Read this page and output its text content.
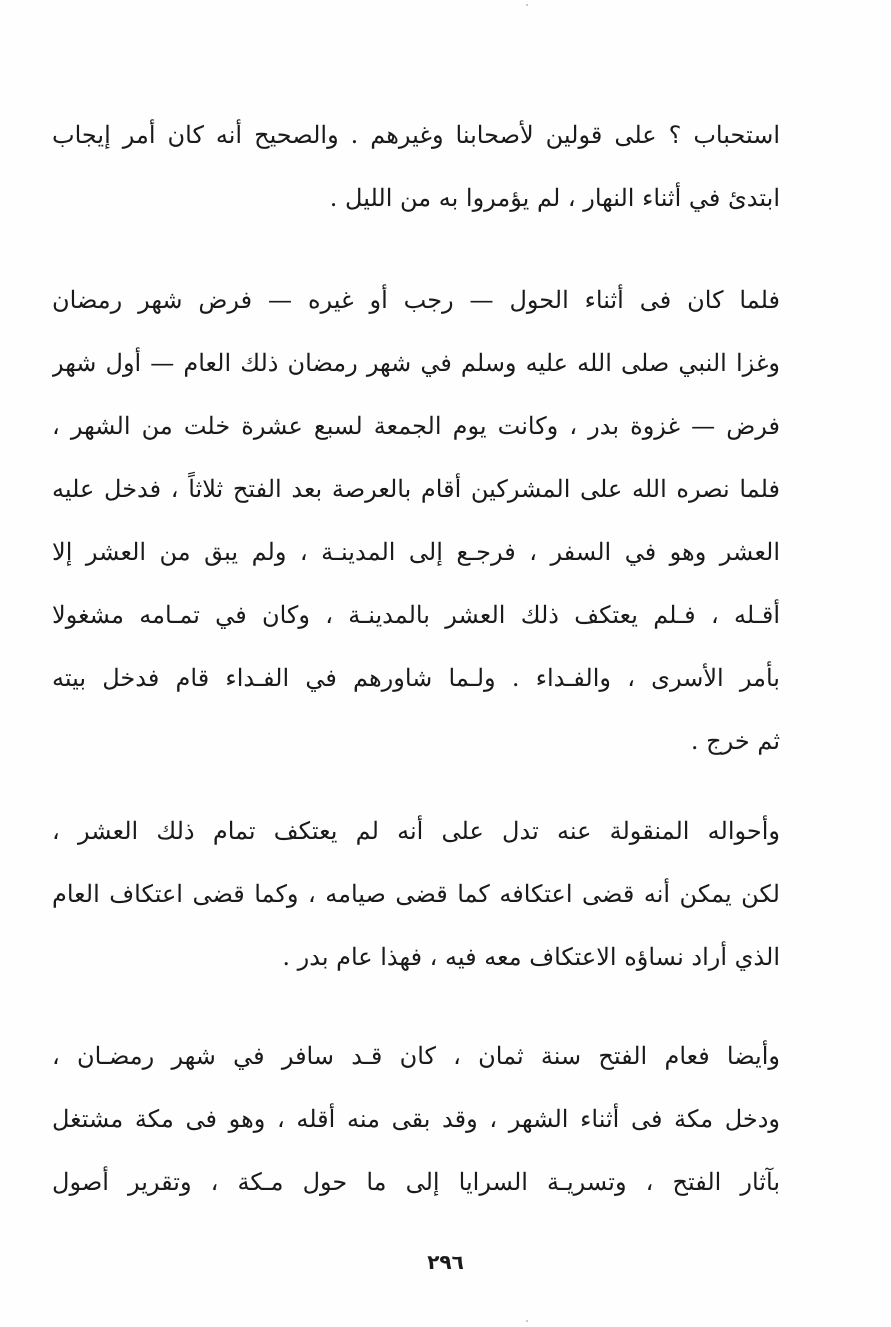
استحباب ؟ على قولين لأصحابنا وغيرهم . والصحيح أنه كان أمر إيجاب
ابتدئ في أثناء النهار ، لم يؤمروا به من الليل .
فلما كان فى أثناء الحول — رجب أو غيره — فرض شهر رمضان
وغزا النبي صلى الله عليه وسلم في شهر رمضان ذلك العام — أول شهر
فرض — غزوة بدر ، وكانت يوم الجمعة لسبع عشرة خلت من الشهر ،
فلما نصره الله على المشركين أقام بالعرصة بعد الفتح ثلاثاً ، فدخل عليه
العشر وهو في السفر ، فرجـع إلى المدينـة ، ولم يبق من العشر إلا
أقـله ، فـلم يعتكف ذلك العشر بالمدينـة ، وكان في تمـامه مشغولا
بأمر الأسرى ، والفـداء . ولـما شاورهم في الفـداء قام فدخل بيته
ثم خرج .
وأحواله المنقولة عنه تدل على أنه لم يعتكف تمام ذلك العشر ،
لكن يمكن أنه قضى اعتكافه كما قضى صيامه ، وكما قضى اعتكاف العام
الذي أراد نساؤه الاعتكاف معه فيه ، فهذا عام بدر .
وأيضا فعام الفتح سنة ثمان ، كان قـد سافر في شهر رمضـان ،
ودخل مكة فى أثناء الشهر ، وقد بقى منه أقله ، وهو فى مكة مشتغل
بآثار الفتح ، وتسريـة السرايا إلى ما حول مـكة ، وتقرير أصول
٢٩٦
